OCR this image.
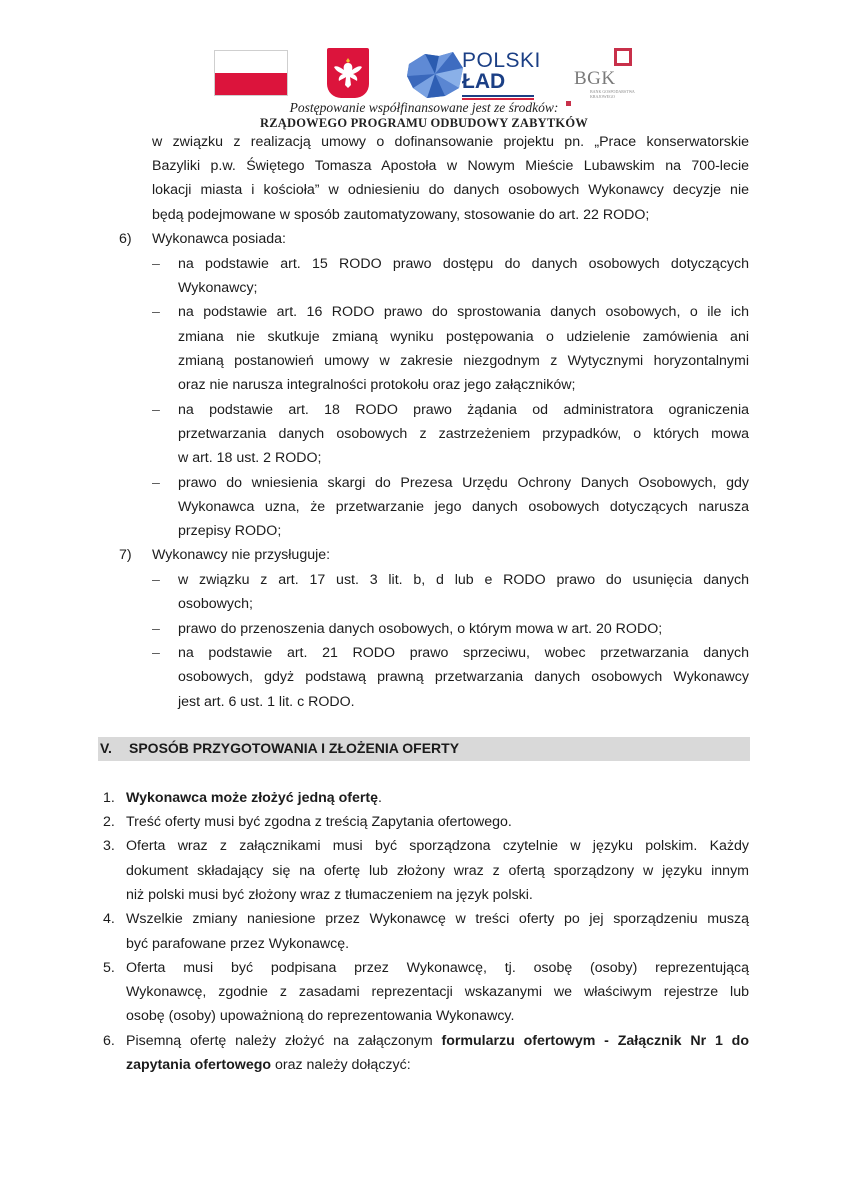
POLSKI
ŁAD	BGK
BANK GOSPODARSTWA KRAJOWEGO
Postępowanie współfinansowane jest ze środków:
RZĄDOWEGO PROGRAMU ODBUDOWY ZABYTKÓW
w związku z realizacją umowy o dofinansowanie projektu pn. „Prace konserwatorskie
Bazyliki p.w. Świętego Tomasza Apostoła w Nowym Mieście Lubawskim na 700-lecie
lokacji miasta i kościoła” w odniesieniu do danych osobowych Wykonawcy decyzje nie
będą podejmowane w sposób zautomatyzowany, stosowanie do art. 22 RODO;
6) Wykonawca posiada:
– na podstawie art. 15 RODO prawo dostępu do danych osobowych dotyczących
Wykonawcy;
– na podstawie art. 16 RODO prawo do sprostowania danych osobowych, o ile ich
zmiana nie skutkuje zmianą wyniku postępowania o udzielenie zamówienia ani
zmianą postanowień umowy w zakresie niezgodnym z Wytycznymi horyzontalnymi
oraz nie narusza integralności protokołu oraz jego załączników;
– na podstawie art. 18 RODO prawo żądania od administratora ograniczenia
przetwarzania danych osobowych z zastrzeżeniem przypadków, o których mowa
w art. 18 ust. 2 RODO;
– prawo do wniesienia skargi do Prezesa Urzędu Ochrony Danych Osobowych, gdy
Wykonawca uzna, że przetwarzanie jego danych osobowych dotyczących narusza
przepisy RODO;
7) Wykonawcy nie przysługuje:
– w związku z art. 17 ust. 3 lit. b, d lub e RODO prawo do usunięcia danych
osobowych;
– prawo do przenoszenia danych osobowych, o którym mowa w art. 20 RODO;
– na podstawie art. 21 RODO prawo sprzeciwu, wobec przetwarzania danych
osobowych, gdyż podstawą prawną przetwarzania danych osobowych Wykonawcy
jest art. 6 ust. 1 lit. c RODO.
V. SPOSÓB PRZYGOTOWANIA I ZŁOŻENIA OFERTY
1. Wykonawca może złożyć jedną ofertę.
2. Treść oferty musi być zgodna z treścią Zapytania ofertowego.
3. Oferta wraz z załącznikami musi być sporządzona czytelnie w języku polskim. Każdy
dokument składający się na ofertę lub złożony wraz z ofertą sporządzony w języku innym
niż polski musi być złożony wraz z tłumaczeniem na język polski.
4. Wszelkie zmiany naniesione przez Wykonawcę w treści oferty po jej sporządzeniu muszą
być parafowane przez Wykonawcę.
5. Oferta musi być podpisana przez Wykonawcę, tj. osobę (osoby) reprezentującą
Wykonawcę, zgodnie z zasadami reprezentacji wskazanymi we właściwym rejestrze lub
osobę (osoby) upoważnioną do reprezentowania Wykonawcy.
6. Pisemną ofertę należy złożyć na załączonym formularzu ofertowym - Załącznik Nr 1 do
zapytania ofertowego oraz należy dołączyć:
